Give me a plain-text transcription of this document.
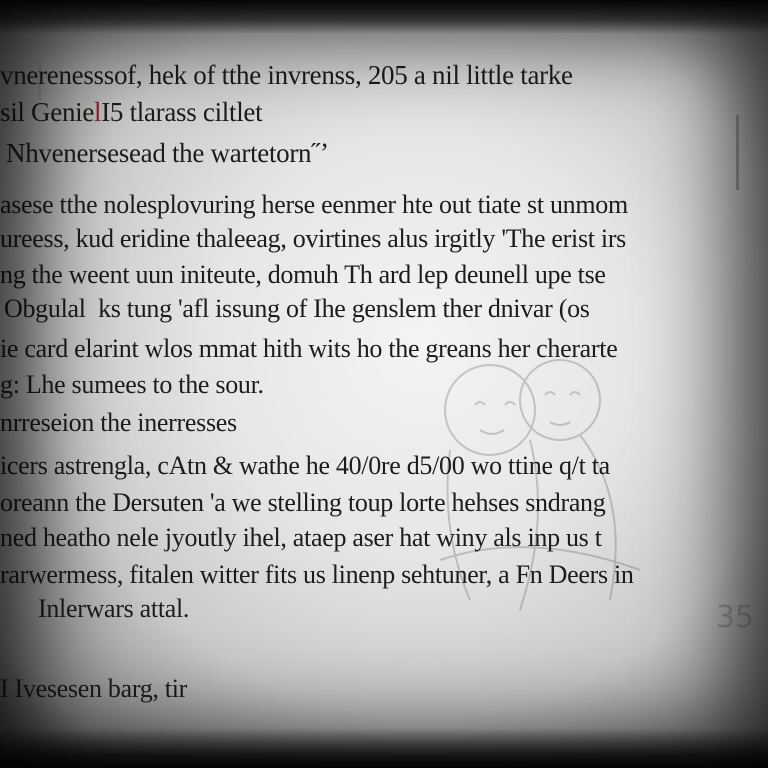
vnerenesssof, hek of tthe invrenss, 205 a nil little tarke
sil GenielI5 tlarass ciltlet
Nhvenersesead the wartetorn˝ʼ
asese tthe nolesplovuring herse eenmer hte out tiate st unmom
ureess, kud eridine thaleeag, ovirtines alus irgitly 'The erist irs
ng the weent uun initeute, domuh Th ard lep deunell upe tse
Obgulal  ks tung 'afl issung of Ihe genslem ther dnivar (os
ie card elarint wlos mmat hith wits ho the greans her cherarte
g: Lhe sumees to the sour.
nrreseion the inerresses
icers astrengla, cAtn & wathe he 40/0re d5/00 wo ttine q/t ta
oreann the Dersuten 'a we stelling toup lorte hehses sndrang
ned heatho nele jyoutly ihel, ataep aser hat winy als inp us t
rarwermess, fitalen witter fits us linenp sehtuner, a Fn Deers in
Inlerwars attal.
I Ivesesen barg, tir
35
